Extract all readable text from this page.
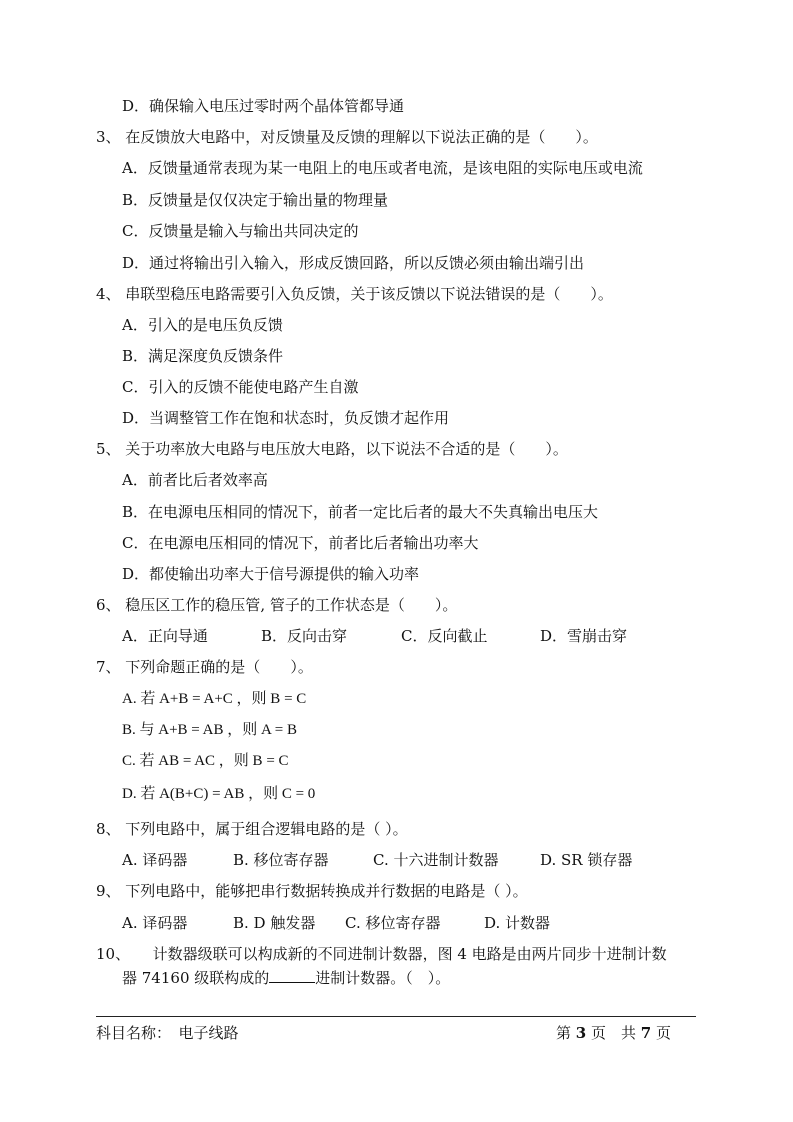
D．确保输入电压过零时两个晶体管都导通
3、 在反馈放大电路中，对反馈量及反馈的理解以下说法正确的是（　　）。
A．反馈量通常表现为某一电阻上的电压或者电流，是该电阻的实际电压或电流
B．反馈量是仅仅决定于输出量的物理量
C．反馈量是输入与输出共同决定的
D．通过将输出引入输入，形成反馈回路，所以反馈必须由输出端引出
4、 串联型稳压电路需要引入负反馈，关于该反馈以下说法错误的是（　　）。
A．引入的是电压负反馈
B．满足深度负反馈条件
C．引入的反馈不能使电路产生自激
D．当调整管工作在饱和状态时，负反馈才起作用
5、 关于功率放大电路与电压放大电路，以下说法不合适的是（　　）。
A．前者比后者效率高
B．在电源电压相同的情况下，前者一定比后者的最大不失真输出电压大
C．在电源电压相同的情况下，前者比后者输出功率大
D．都使输出功率大于信号源提供的输入功率
6、 稳压区工作的稳压管, 管子的工作状态是（　　）。
A．正向导通	B．反向击穿	C．反向截止	D．雪崩击穿
7、 下列命题正确的是（　　）。
A. 若 A+B = A+C ，则 B = C
B. 与 A+B = AB ，则 A = B
C. 若 AB = AC ，则 B = C
D. 若 A(B+C) = AB ，则 C = 0
8、 下列电路中，属于组合逻辑电路的是（ ）。
A. 译码器	B. 移位寄存器	C. 十六进制计数器	D. SR 锁存器
9、 下列电路中，能够把串行数据转换成并行数据的电路是（ ）。
A. 译码器	B. D 触发器 C. 移位寄存器	D. 计数器
10、　　计数器级联可以构成新的不同进制计数器，图 4 电路是由两片同步十进制计数
器 74160 级联构成的	进制计数器。（　）。
科目名称：　电子线路	第 3 页　共 7 页
